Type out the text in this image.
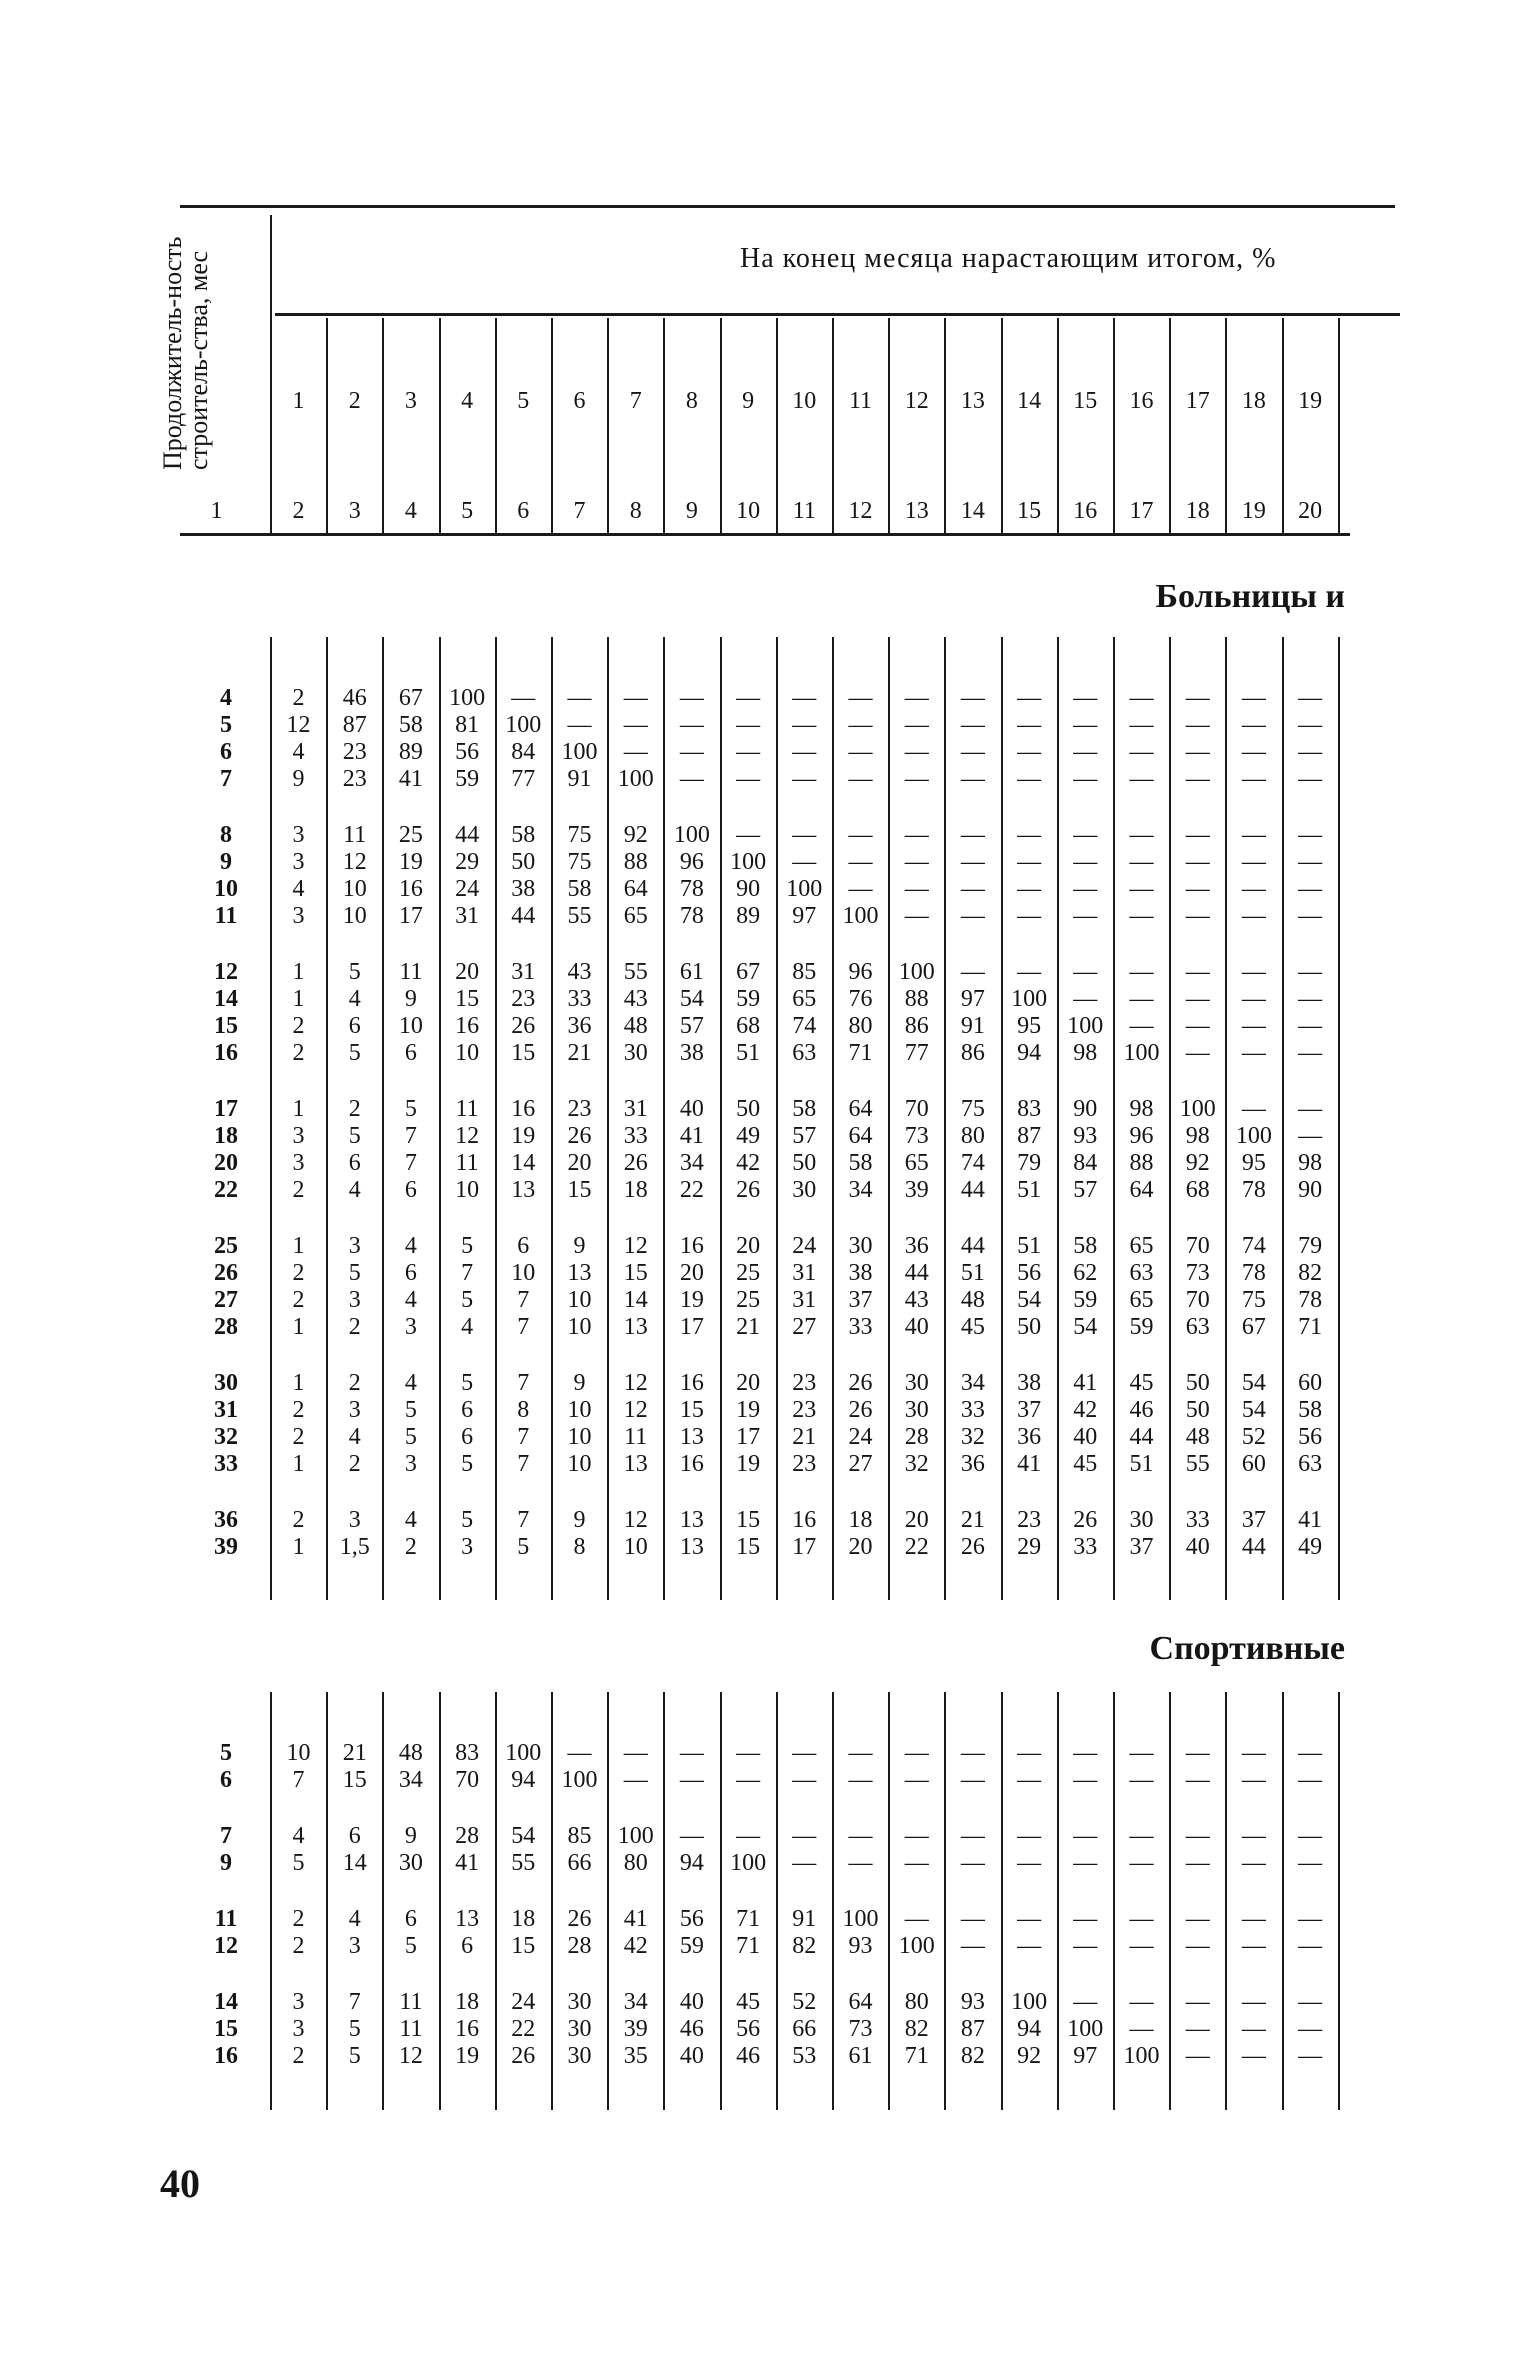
Продолжитель-ность строитель-ства, мес	На конец месяца нарастающим итогом, %
1	2	3	4	5	6	7	8	9	10	11	12	13	14	15	16	17	18	19
1	2	3	4	5	6	7	8	9	10	11	12	13	14	15	16	17	18	19	20
Больницы и
4	2	46	67	100	—	—	—	—	—	—	—	—	—	—	—	—	—	—	—
5	12	87	58	81	100	—	—	—	—	—	—	—	—	—	—	—	—	—	—
6	4	23	89	56	84	100	—	—	—	—	—	—	—	—	—	—	—	—	—
7	9	23	41	59	77	91	100	—	—	—	—	—	—	—	—	—	—	—	—
8	3	11	25	44	58	75	92	100	—	—	—	—	—	—	—	—	—	—	—
9	3	12	19	29	50	75	88	96	100	—	—	—	—	—	—	—	—	—	—
10	4	10	16	24	38	58	64	78	90	100	—	—	—	—	—	—	—	—	—
11	3	10	17	31	44	55	65	78	89	97	100	—	—	—	—	—	—	—	—
12	1	5	11	20	31	43	55	61	67	85	96	100	—	—	—	—	—	—	—
14	1	4	9	15	23	33	43	54	59	65	76	88	97	100	—	—	—	—	—
15	2	6	10	16	26	36	48	57	68	74	80	86	91	95	100	—	—	—	—
16	2	5	6	10	15	21	30	38	51	63	71	77	86	94	98	100	—	—	—
17	1	2	5	11	16	23	31	40	50	58	64	70	75	83	90	98	100	—	—
18	3	5	7	12	19	26	33	41	49	57	64	73	80	87	93	96	98	100	—
20	3	6	7	11	14	20	26	34	42	50	58	65	74	79	84	88	92	95	98
22	2	4	6	10	13	15	18	22	26	30	34	39	44	51	57	64	68	78	90
25	1	3	4	5	6	9	12	16	20	24	30	36	44	51	58	65	70	74	79
26	2	5	6	7	10	13	15	20	25	31	38	44	51	56	62	63	73	78	82
27	2	3	4	5	7	10	14	19	25	31	37	43	48	54	59	65	70	75	78
28	1	2	3	4	7	10	13	17	21	27	33	40	45	50	54	59	63	67	71
30	1	2	4	5	7	9	12	16	20	23	26	30	34	38	41	45	50	54	60
31	2	3	5	6	8	10	12	15	19	23	26	30	33	37	42	46	50	54	58
32	2	4	5	6	7	10	11	13	17	21	24	28	32	36	40	44	48	52	56
33	1	2	3	5	7	10	13	16	19	23	27	32	36	41	45	51	55	60	63
36	2	3	4	5	7	9	12	13	15	16	18	20	21	23	26	30	33	37	41
39	1	1,5	2	3	5	8	10	13	15	17	20	22	26	29	33	37	40	44	49
Спортивные
5	10	21	48	83	100	—	—	—	—	—	—	—	—	—	—	—	—	—	—
6	7	15	34	70	94	100	—	—	—	—	—	—	—	—	—	—	—	—	—
7	4	6	9	28	54	85	100	—	—	—	—	—	—	—	—	—	—	—	—
9	5	14	30	41	55	66	80	94	100	—	—	—	—	—	—	—	—	—	—
11	2	4	6	13	18	26	41	56	71	91	100	—	—	—	—	—	—	—	—
12	2	3	5	6	15	28	42	59	71	82	93	100	—	—	—	—	—	—	—
14	3	7	11	18	24	30	34	40	45	52	64	80	93	100	—	—	—	—	—
15	3	5	11	16	22	30	39	46	56	66	73	82	87	94	100	—	—	—	—
16	2	5	12	19	26	30	35	40	46	53	61	71	82	92	97	100	—	—	—
40
